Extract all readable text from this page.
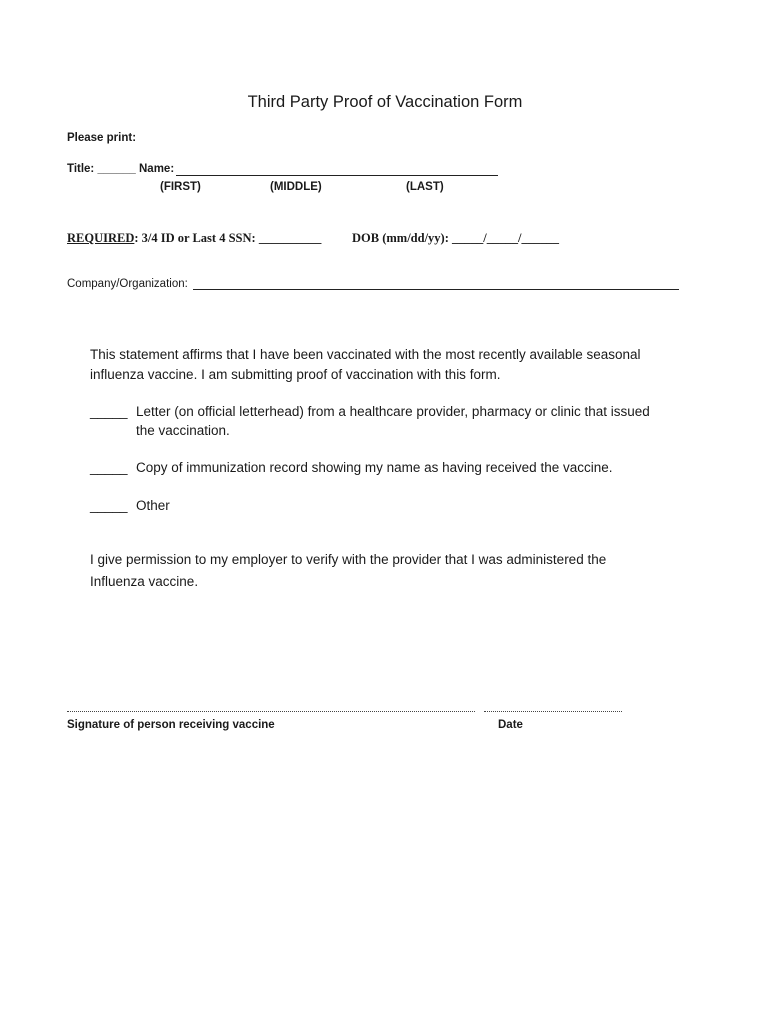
Third Party Proof of Vaccination Form
Please print:
Title: ______ Name:
(FIRST)	(MIDDLE)	(LAST)
REQUIRED: 3/4 ID or Last 4 SSN: __________ DOB (mm/dd/yy): _____/_____/______
Company/Organization:
This statement affirms that I have been vaccinated with the most recently available seasonal
influenza vaccine. I am submitting proof of vaccination with this form.
_____ Letter (on official letterhead) from a healthcare provider, pharmacy or clinic that issued
the vaccination.
_____ Copy of immunization record showing my name as having received the vaccine.
_____ Other
I give permission to my employer to verify with the provider that I was administered the
Influenza vaccine.
Signature of person receiving vaccine	Date
